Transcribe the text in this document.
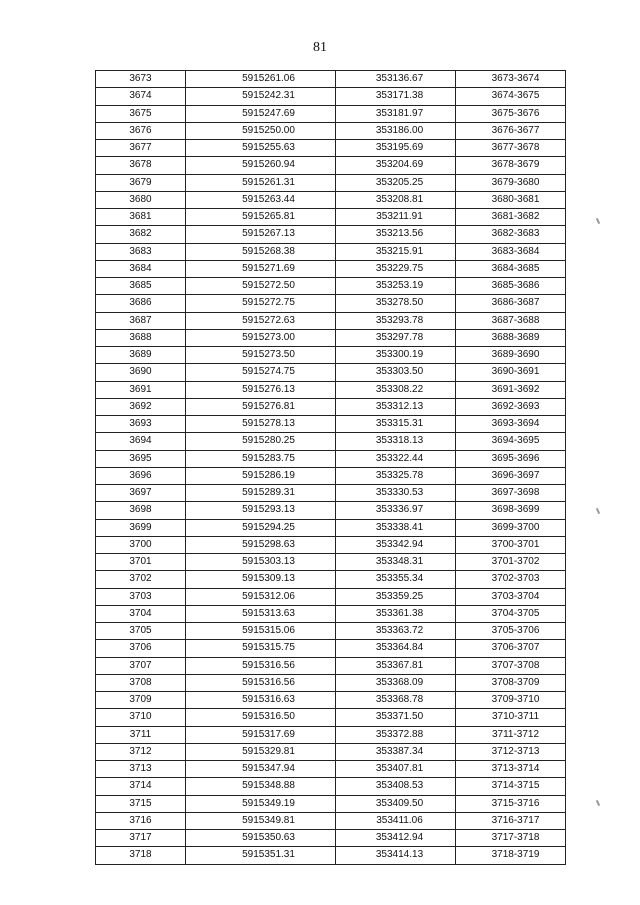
81
3673	5915261.06	353136.67	3673-3674
3674	5915242.31	353171.38	3674-3675
3675	5915247.69	353181.97	3675-3676
3676	5915250.00	353186.00	3676-3677
3677	5915255.63	353195.69	3677-3678
3678	5915260.94	353204.69	3678-3679
3679	5915261.31	353205.25	3679-3680
3680	5915263.44	353208.81	3680-3681
3681	5915265.81	353211.91	3681-3682
3682	5915267.13	353213.56	3682-3683
3683	5915268.38	353215.91	3683-3684
3684	5915271.69	353229.75	3684-3685
3685	5915272.50	353253.19	3685-3686
3686	5915272.75	353278.50	3686-3687
3687	5915272.63	353293.78	3687-3688
3688	5915273.00	353297.78	3688-3689
3689	5915273.50	353300.19	3689-3690
3690	5915274.75	353303.50	3690-3691
3691	5915276.13	353308.22	3691-3692
3692	5915276.81	353312.13	3692-3693
3693	5915278.13	353315.31	3693-3694
3694	5915280.25	353318.13	3694-3695
3695	5915283.75	353322.44	3695-3696
3696	5915286.19	353325.78	3696-3697
3697	5915289.31	353330.53	3697-3698
3698	5915293.13	353336.97	3698-3699
3699	5915294.25	353338.41	3699-3700
3700	5915298.63	353342.94	3700-3701
3701	5915303.13	353348.31	3701-3702
3702	5915309.13	353355.34	3702-3703
3703	5915312.06	353359.25	3703-3704
3704	5915313.63	353361.38	3704-3705
3705	5915315.06	353363.72	3705-3706
3706	5915315.75	353364.84	3706-3707
3707	5915316.56	353367.81	3707-3708
3708	5915316.56	353368.09	3708-3709
3709	5915316.63	353368.78	3709-3710
3710	5915316.50	353371.50	3710-3711
3711	5915317.69	353372.88	3711-3712
3712	5915329.81	353387.34	3712-3713
3713	5915347.94	353407.81	3713-3714
3714	5915348.88	353408.53	3714-3715
3715	5915349.19	353409.50	3715-3716
3716	5915349.81	353411.06	3716-3717
3717	5915350.63	353412.94	3717-3718
3718	5915351.31	353414.13	3718-3719
